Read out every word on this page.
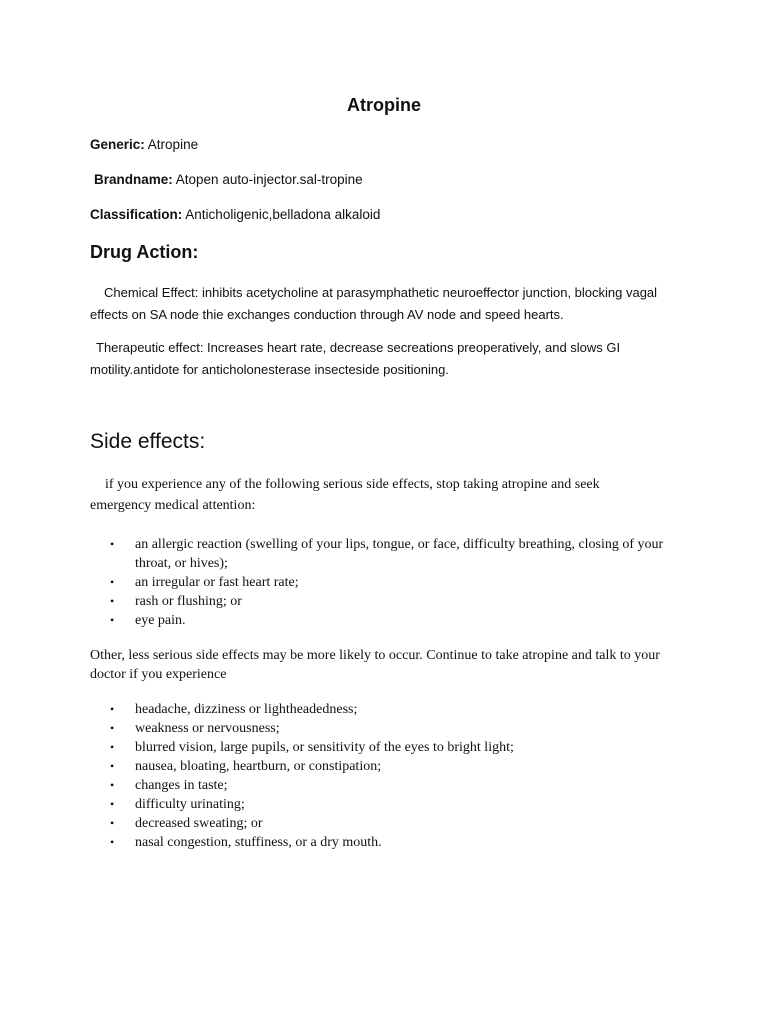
Atropine
Generic: Atropine
Brandname: Atopen auto-injector.sal-tropine
Classification: Anticholigenic,belladona alkaloid
Drug Action:
Chemical Effect: inhibits acetycholine at parasymphathetic neuroeffector junction, blocking vagal effects on SA node thie exchanges conduction through AV node and speed hearts.
Therapeutic effect: Increases heart rate, decrease secreations preoperatively, and slows GI motility.antidote for anticholonesterase insecteside positioning.
Side effects:
if you experience any of the following serious side effects, stop taking atropine and seek emergency medical attention:
•	an allergic reaction (swelling of your lips, tongue, or face, difficulty breathing, closing of your throat, or hives);
•	an irregular or fast heart rate;
•	rash or flushing; or
•	eye pain.
Other, less serious side effects may be more likely to occur. Continue to take atropine and talk to your doctor if you experience
•	headache, dizziness or lightheadedness;
•	weakness or nervousness;
•	blurred vision, large pupils, or sensitivity of the eyes to bright light;
•	nausea, bloating, heartburn, or constipation;
•	changes in taste;
•	difficulty urinating;
•	decreased sweating; or
•	nasal congestion, stuffiness, or a dry mouth.
